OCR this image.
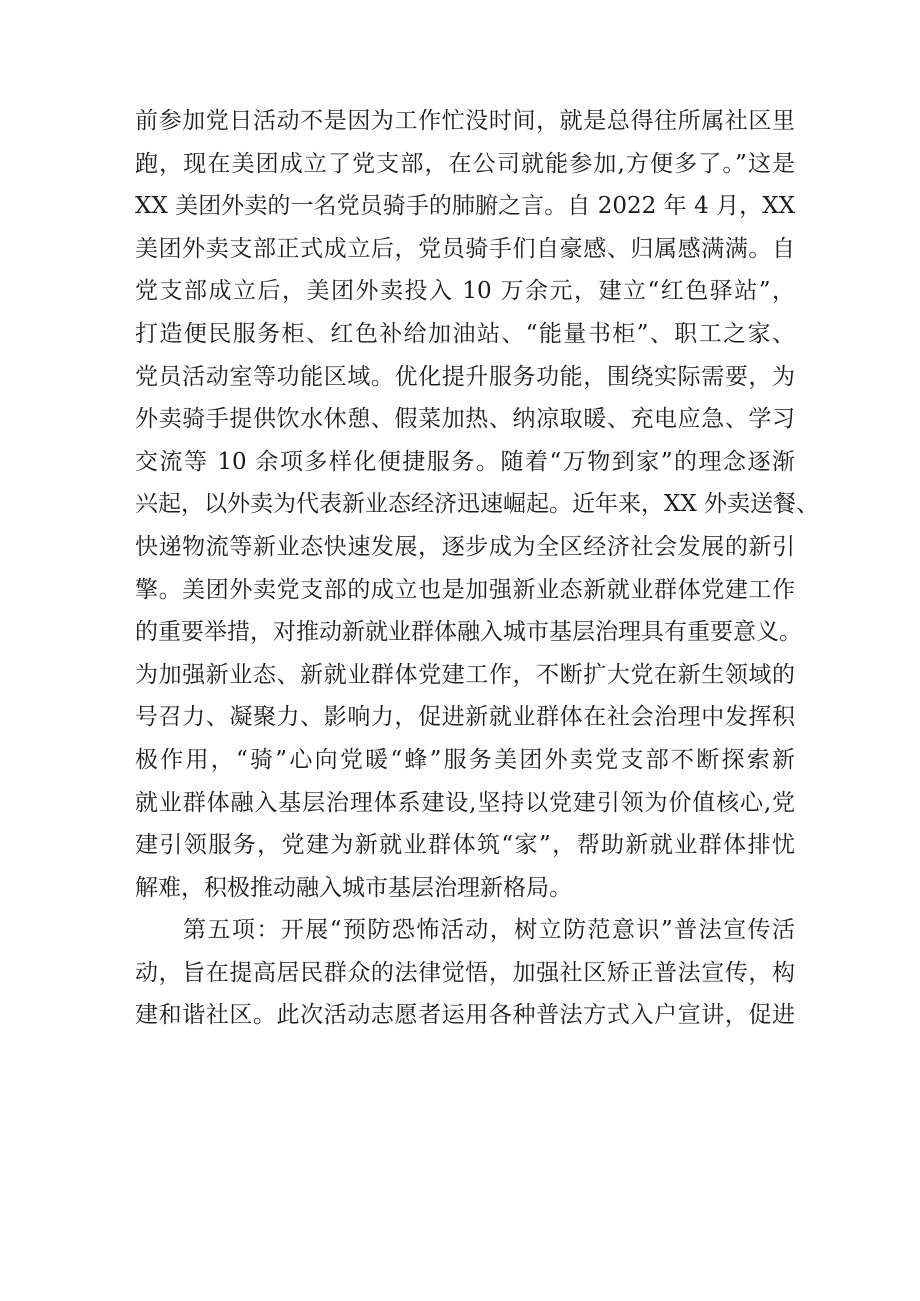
前参加党日活动不是因为工作忙没时间，就是总得往所属社区里
跑，现在美团成立了党支部，在公司就能参加,方便多了。”这是
XX 美团外卖的一名党员骑手的肺腑之言。自 2022 年 4 月，XX
美团外卖支部正式成立后，党员骑手们自豪感、归属感满满。自
党支部成立后，美团外卖投入 10 万余元，建立“红色驿站”，
打造便民服务柜、红色补给加油站、“能量书柜”、职工之家、
党员活动室等功能区域。优化提升服务功能，围绕实际需要，为
外卖骑手提供饮水休憩、假菜加热、纳凉取暖、充电应急、学习
交流等 10 余项多样化便捷服务。随着“万物到家”的理念逐渐
兴起，以外卖为代表新业态经济迅速崛起。近年来，XX 外卖送餐、
快递物流等新业态快速发展，逐步成为全区经济社会发展的新引
擎。美团外卖党支部的成立也是加强新业态新就业群体党建工作
的重要举措，对推动新就业群体融入城市基层治理具有重要意义。
为加强新业态、新就业群体党建工作，不断扩大党在新生领域的
号召力、凝聚力、影响力，促进新就业群体在社会治理中发挥积
极作用，“骑”心向党暖“蜂”服务美团外卖党支部不断探索新
就业群体融入基层治理体系建设,坚持以党建引领为价值核心,党
建引领服务，党建为新就业群体筑“家”，帮助新就业群体排忧
解难，积极推动融入城市基层治理新格局。
第五项：开展“预防恐怖活动，树立防范意识”普法宣传活
动，旨在提高居民群众的法律觉悟，加强社区矫正普法宣传，构
建和谐社区。此次活动志愿者运用各种普法方式入户宣讲，促进
